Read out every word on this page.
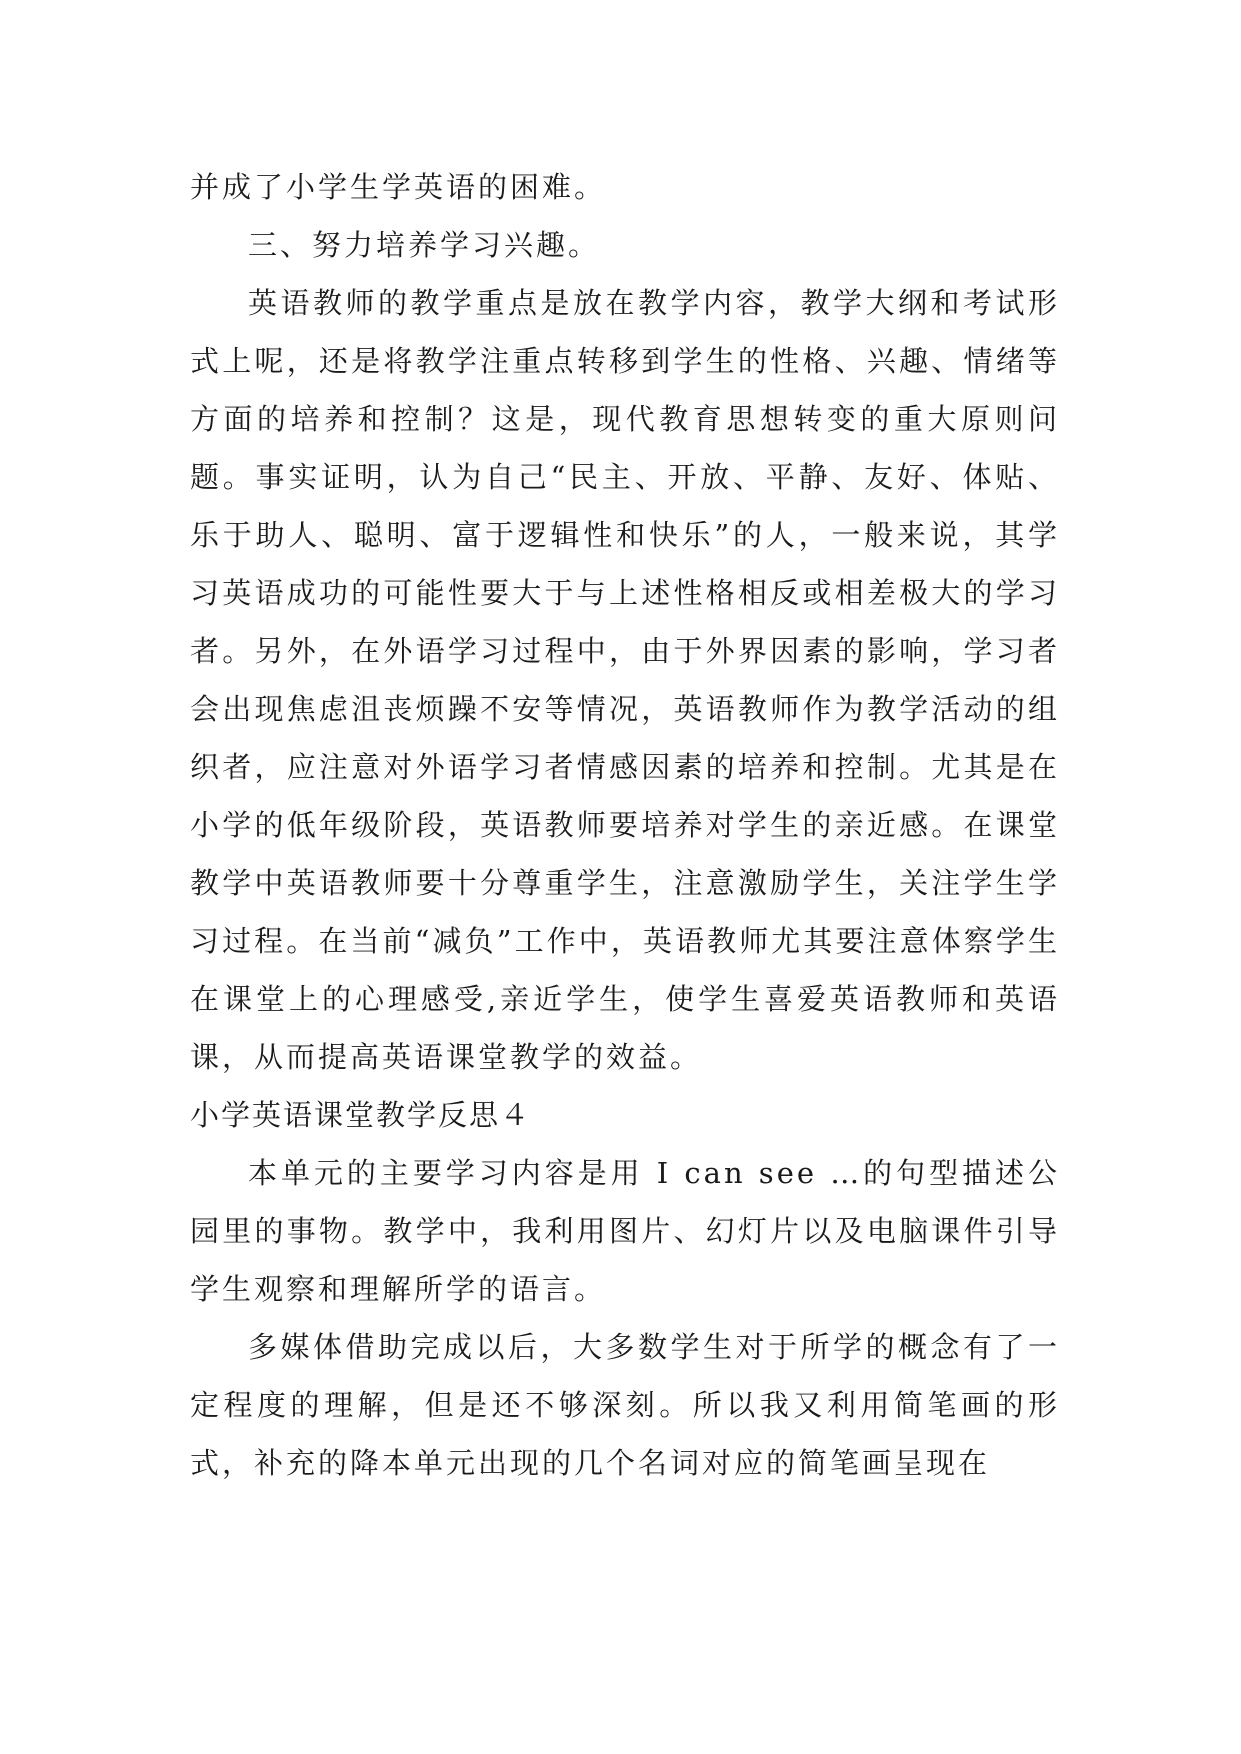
并成了小学生学英语的困难。

三、努力培养学习兴趣。

英语教师的教学重点是放在教学内容，教学大纲和考试形式上呢，还是将教学注重点转移到学生的性格、兴趣、情绪等方面的培养和控制？这是，现代教育思想转变的重大原则问题。事实证明，认为自己“民主、开放、平静、友好、体贴、乐于助人、聪明、富于逻辑性和快乐”的人，一般来说，其学习英语成功的可能性要大于与上述性格相反或相差极大的学习者。另外，在外语学习过程中，由于外界因素的影响，学习者会出现焦虑沮丧烦躁不安等情况，英语教师作为教学活动的组织者，应注意对外语学习者情感因素的培养和控制。尤其是在小学的低年级阶段，英语教师要培养对学生的亲近感。在课堂教学中英语教师要十分尊重学生，注意激励学生，关注学生学习过程。在当前“减负”工作中，英语教师尤其要注意体察学生在课堂上的心理感受,亲近学生，使学生喜爱英语教师和英语课，从而提高英语课堂教学的效益。

小学英语课堂教学反思４

本单元的主要学习内容是用 I can see …的句型描述公园里的事物。教学中，我利用图片、幻灯片以及电脑课件引导学生观察和理解所学的语言。

多媒体借助完成以后，大多数学生对于所学的概念有了一定程度的理解，但是还不够深刻。所以我又利用简笔画的形式，补充的降本单元出现的几个名词对应的简笔画呈现在
